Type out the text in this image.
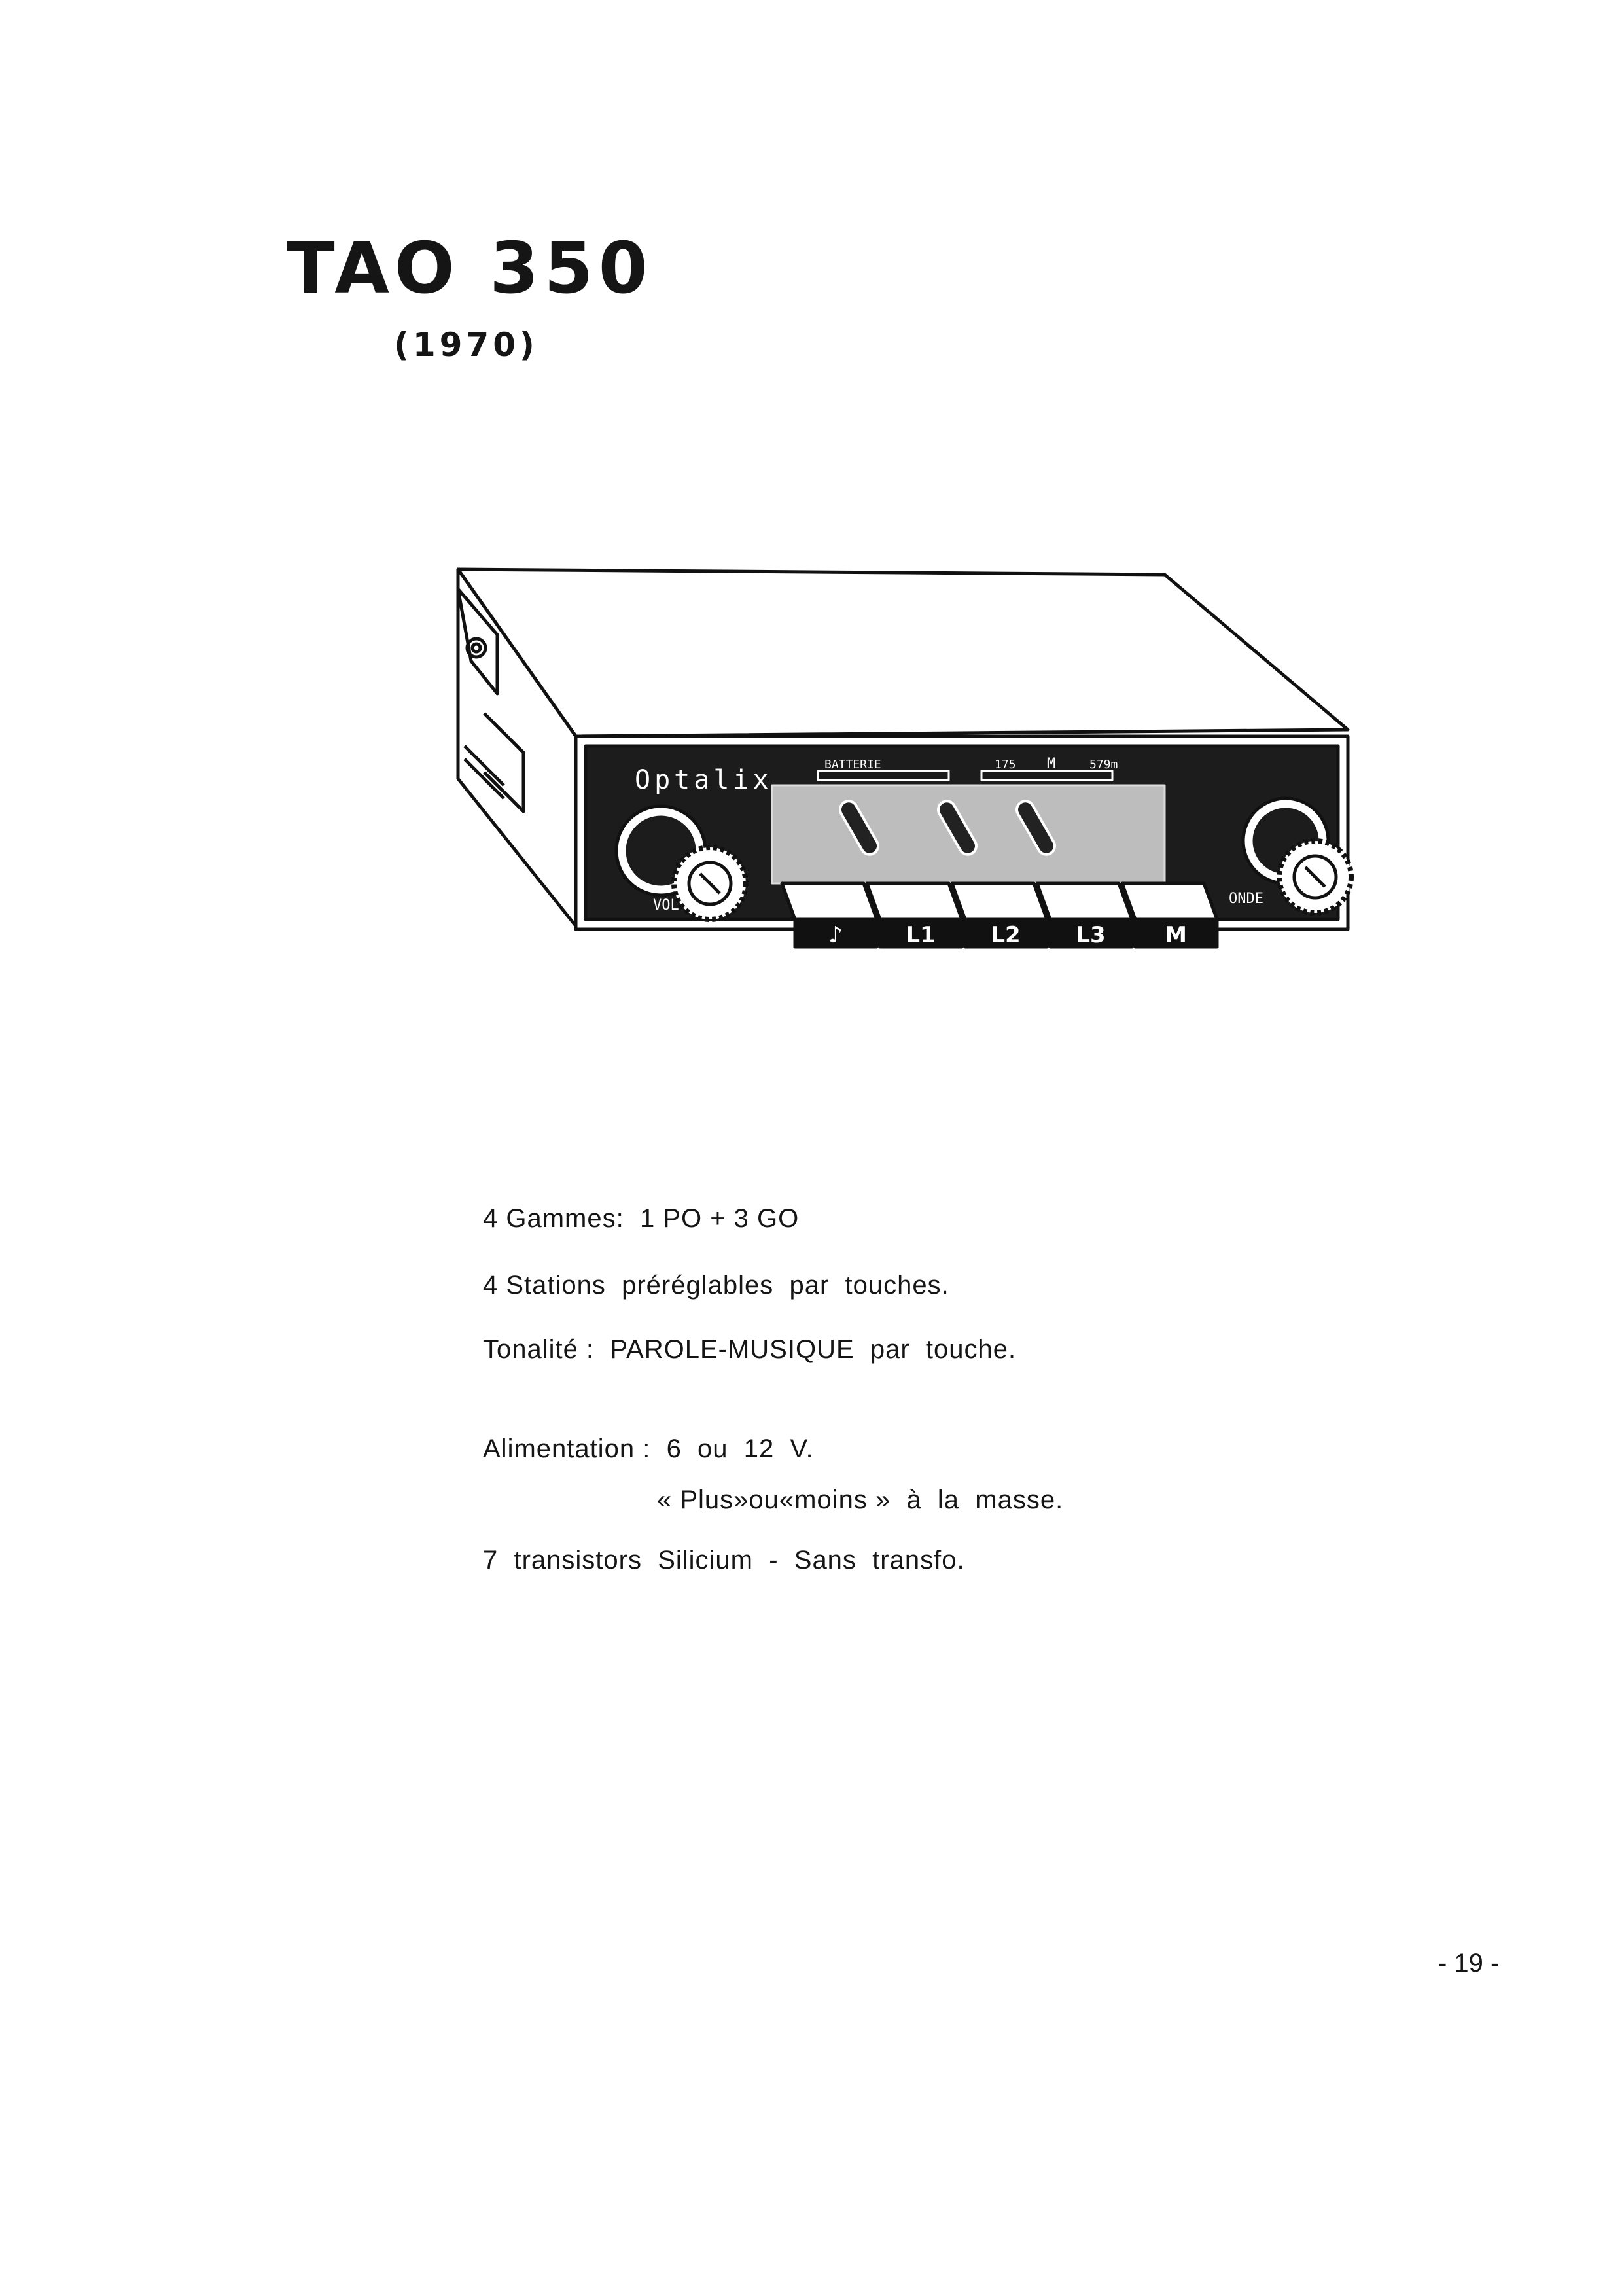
TAO 350
(1970)
Optalix
BATTERIE	175 M	579m
VOL	ONDE
♪	L1 L2 L3	M
4 Gammes:  1 PO + 3 GO
4 Stations  préréglables  par  touches.
Tonalité :  PAROLE-MUSIQUE  par  touche.
Alimentation :  6  ou  12  V.
« Plus»ou«moins »  à  la  masse.
7  transistors  Silicium  -  Sans  transfo.
- 19 -
